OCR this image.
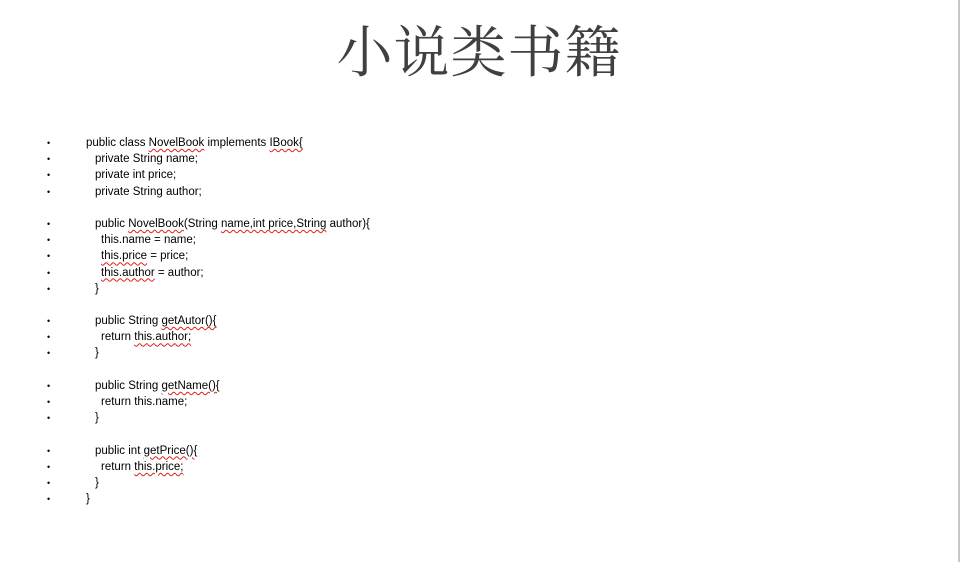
小说类书籍
•	public class NovelBook implements IBook{
•	private String name;
•	private int price;
•	private String author;
•	public NovelBook(String name,int price,String author){
•	this.name = name;
•	this.price = price;
•	this.author = author;
•	}
•	public String getAutor(){
•	return this.author;
•	}
•	public String getName(){
•	return this.name;
•	}
•	public int getPrice(){
•	return this.price;
•	}
•	}
